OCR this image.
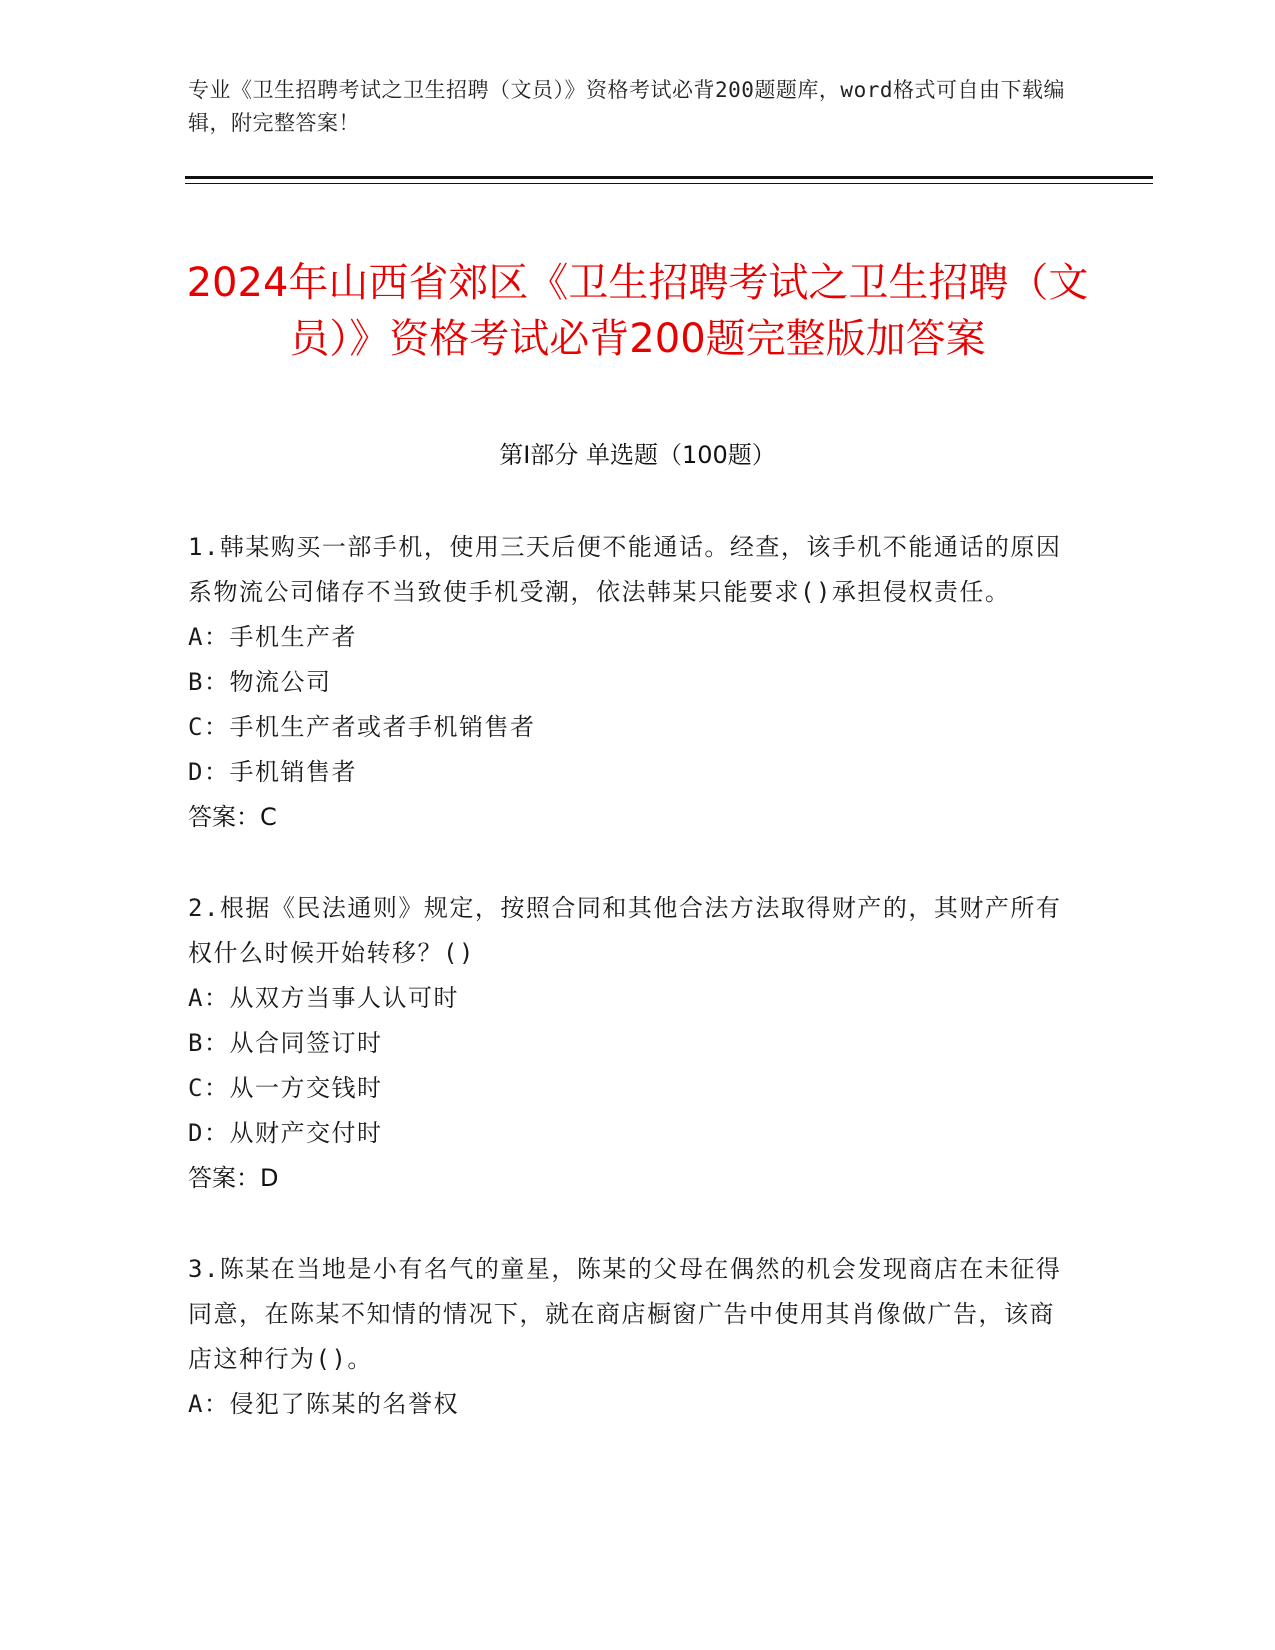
专业《卫生招聘考试之卫生招聘（文员）》资格考试必背200题题库，word格式可自由下载编辑，附完整答案！
2024年山西省郊区《卫生招聘考试之卫生招聘（文员）》资格考试必背200题完整版加答案
第I部分 单选题（100题）

1.韩某购买一部手机，使用三天后便不能通话。经查，该手机不能通话的原因系物流公司储存不当致使手机受潮，依法韩某只能要求()承担侵权责任。

A：手机生产者

B：物流公司

C：手机生产者或者手机销售者

D：手机销售者

答案：C

2.根据《民法通则》规定，按照合同和其他合法方法取得财产的，其财产所有权什么时候开始转移？()

A：从双方当事人认可时

B：从合同签订时

C：从一方交钱时

D：从财产交付时

答案：D

3.陈某在当地是小有名气的童星，陈某的父母在偶然的机会发现商店在未征得同意，在陈某不知情的情况下，就在商店橱窗广告中使用其肖像做广告，该商店这种行为()。

A：侵犯了陈某的名誉权
